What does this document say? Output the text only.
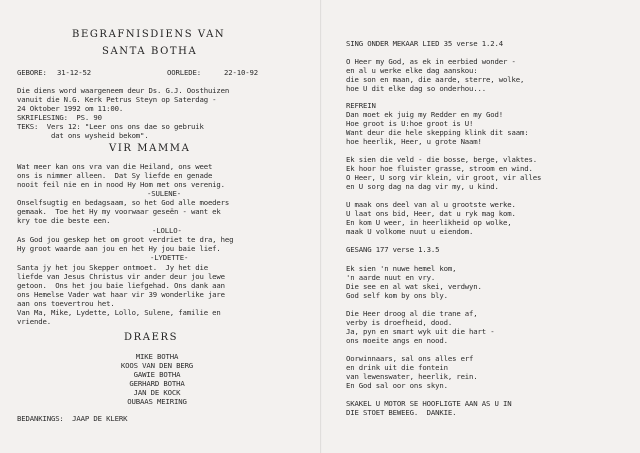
BEGRAFNISDIENS VAN

SANTA BOTHA

GEBORE:

31-12-52

	OORLEDE:

	22-10-92

Die diens word waargeneem deur Ds. G.J. Oosthuizen

vanuit die N.G. Kerk Petrus Steyn op Saterdag -

24 Oktober 1992 om 11:00.

SKRIFLESING:  PS. 90

TEKS:  Vers 12: "Leer ons ons dae so gebruik

dat ons wysheid bekom".

VIR MAMMA

Wat meer kan ons vra van die Heiland, ons weet

ons is nimmer alleen.  Dat Sy liefde en genade

nooit feil nie en in nood Hy Hom met ons verenig.

-SULENE-

Onselfsugtig en bedagsaam, so het God alle moeders

gemaak.  Toe het Hy my voorwaar geseën - want ek

kry toe die beste een.

-LOLLO-

As God jou geskep het om groot verdriet te dra, heg

Hy groot waarde aan jou en het Hy jou baie lief.

-LYDETTE-

Santa jy het jou Skepper ontmoet.  Jy het die

liefde van Jesus Christus vir ander deur jou lewe

getoon.  Ons het jou baie liefgehad. Ons dank aan

ons Hemelse Vader wat haar vir 39 wonderlike jare

aan ons toevertrou het.

Van Ma, Mike, Lydette, Lollo, Sulene, familie en

vriende.

DRAERS

MIKE BOTHA

KOOS VAN DEN BERG

GAWIE BOTHA

GERHARD BOTHA

JAN DE KOCK

OUBAAS MEIRING

BEDANKINGS:  JAAP DE KLERK

SING ONDER MEKAAR LIED 35 verse 1.2.4

O Heer my God, as ek in eerbied wonder -

en al u werke elke dag aanskou:

die son en maan, die aarde, sterre, wolke,

hoe U dit elke dag so onderhou...

REFREIN

Dan moet ek juig my Redder en my God!

Hoe groot is U:hoe groot is U!

Want deur die hele skepping klink dit saam:

hoe heerlik, Heer, u grote Naam!

Ek sien die veld - die bosse, berge, vlaktes.

Ek hoor hoe fluister grasse, stroom en wind.

O Heer, U sorg vir klein, vir groot, vir alles

en U sorg dag na dag vir my, u kind.

U maak ons deel van al u grootste werke.

U laat ons bid, Heer, dat u ryk mag kom.

En kom U weer, in heerlikheid op wolke,

maak U volkome nuut u eiendom.

GESANG 177 verse 1.3.5

Ek sien 'n nuwe hemel kom,

'n aarde nuut en vry.

Die see en al wat skei, verdwyn.

God self kom by ons bly.

Die Heer droog al die trane af,

verby is droefheid, dood.

Ja, pyn en smart wyk uit die hart -

ons moeite angs en nood.

Oorwinnaars, sal ons alles erf

en drink uit die fontein

van lewenswater, heerlik, rein.

En God sal oor ons skyn.

SKAKEL U MOTOR SE HOOFLIGTE AAN AS U IN

DIE STOET BEWEEG.  DANKIE.
